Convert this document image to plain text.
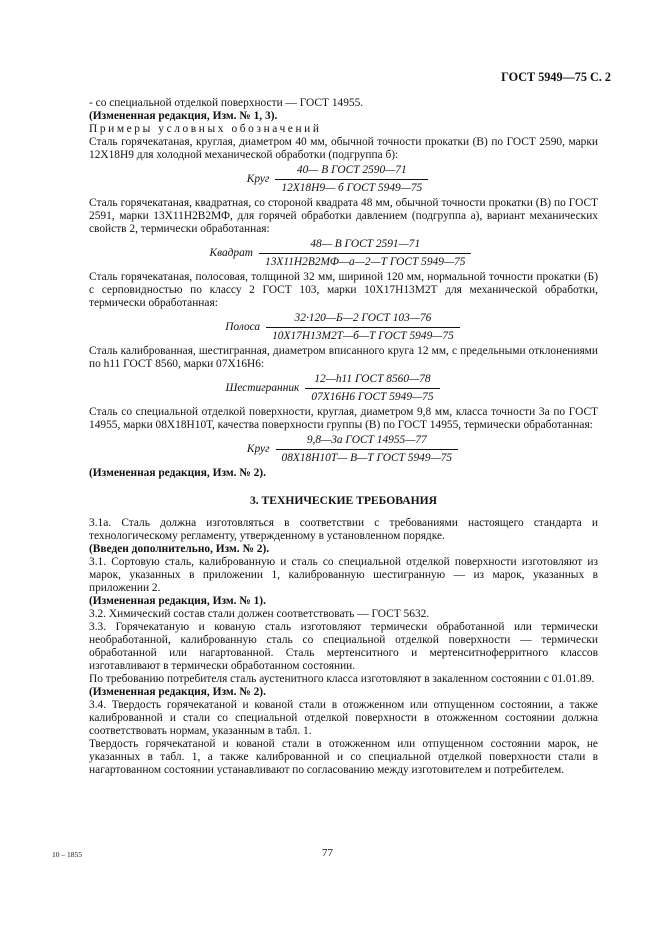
ГОСТ 5949—75 С. 2

- со специальной отделкой поверхности — ГОСТ 14955.

(Измененная редакция, Изм. № 1, 3).

Примеры условных обозначений

Сталь горячекатаная, круглая, диаметром 40 мм, обычной точности прокатки (В) по ГОСТ 2590, марки 12Х18Н9 для холодной механической обработки (подгруппа б):

Круг $\frac{\text{40— В ГОСТ 2590—71}}{\text{12Х18Н9— б ГОСТ 5949—75}}$

Сталь горячекатаная, квадратная, со стороной квадрата 48 мм, обычной точности прокатки (В) по ГОСТ 2591, марки 13Х11Н2В2МФ, для горячей обработки давлением (подгруппа а), вариант механических свойств 2, термически обработанная:

Квадрат $\frac{\text{48— В ГОСТ 2591—71}}{\text{13Х11Н2В2МФ—а—2—Т ГОСТ 5949—75}}$

Сталь горячекатаная, полосовая, толщиной 32 мм, шириной 120 мм, нормальной точности прокатки (Б) с серповидностью по классу 2 ГОСТ 103, марки 10Х17Н13М2Т для механической обработки, термически обработанная:

Полоса $\frac{\text{32·120—Б—2 ГОСТ 103—76}}{\text{10Х17Н13М2Т—б—Т ГОСТ 5949—75}}$

Сталь калиброванная, шестигранная, диаметром вписанного круга 12 мм, с предельными отклонениями по h11 ГОСТ 8560, марки 07Х16Н6:

Шестигранник $\frac{\text{12—h11 ГОСТ 8560—78}}{\text{07Х16Н6 ГОСТ 5949—75}}$

Сталь со специальной отделкой поверхности, круглая, диаметром 9,8 мм, класса точности 3а по ГОСТ 14955, марки 08Х18Н10Т, качества поверхности группы (В) по ГОСТ 14955, термически обработанная:

Круг $\frac{\text{9,8—3а ГОСТ 14955—77}}{\text{08Х18Н10Т— В—Т ГОСТ 5949—75}}$

(Измененная редакция, Изм. № 2).

3. ТЕХНИЧЕСКИЕ ТРЕБОВАНИЯ

3.1а. Сталь должна изготовляться в соответствии с требованиями настоящего стандарта и технологическому регламенту, утвержденному в установленном порядке.

(Введен дополнительно, Изм. № 2).

3.1. Сортовую сталь, калиброванную и сталь со специальной отделкой поверхности изготовляют из марок, указанных в приложении 1, калиброванную шестигранную — из марок, указанных в приложении 2.

(Измененная редакция, Изм. № 1).

3.2. Химический состав стали должен соответствовать — ГОСТ 5632.

3.3. Горячекатаную и кованую сталь изготовляют термически обработанной или термически необработанной, калиброванную сталь со специальной отделкой поверхности — термически обработанной или нагартованной. Сталь мертенситного и мертенситноферритного классов изготавливают в термически обработанном состоянии.

По требованию потребителя сталь аустенитного класса изготовляют в закаленном состоянии с 01.01.89.

(Измененная редакция, Изм. № 2).

3.4. Твердость горячекатаной и кованой стали в отожженном или отпущенном состоянии, а также калиброванной и стали со специальной отделкой поверхности в отожженном состоянии должна соответствовать нормам, указанным в табл. 1.

Твердость горячекатаной и кованой стали в отожженном или отпущенном состоянии марок, не указанных в табл. 1, а также калиброванной и со специальной отделкой поверхности стали в нагартованном состоянии устанавливают по согласованию между изготовителем и потребителем.

10 – 1855	77
